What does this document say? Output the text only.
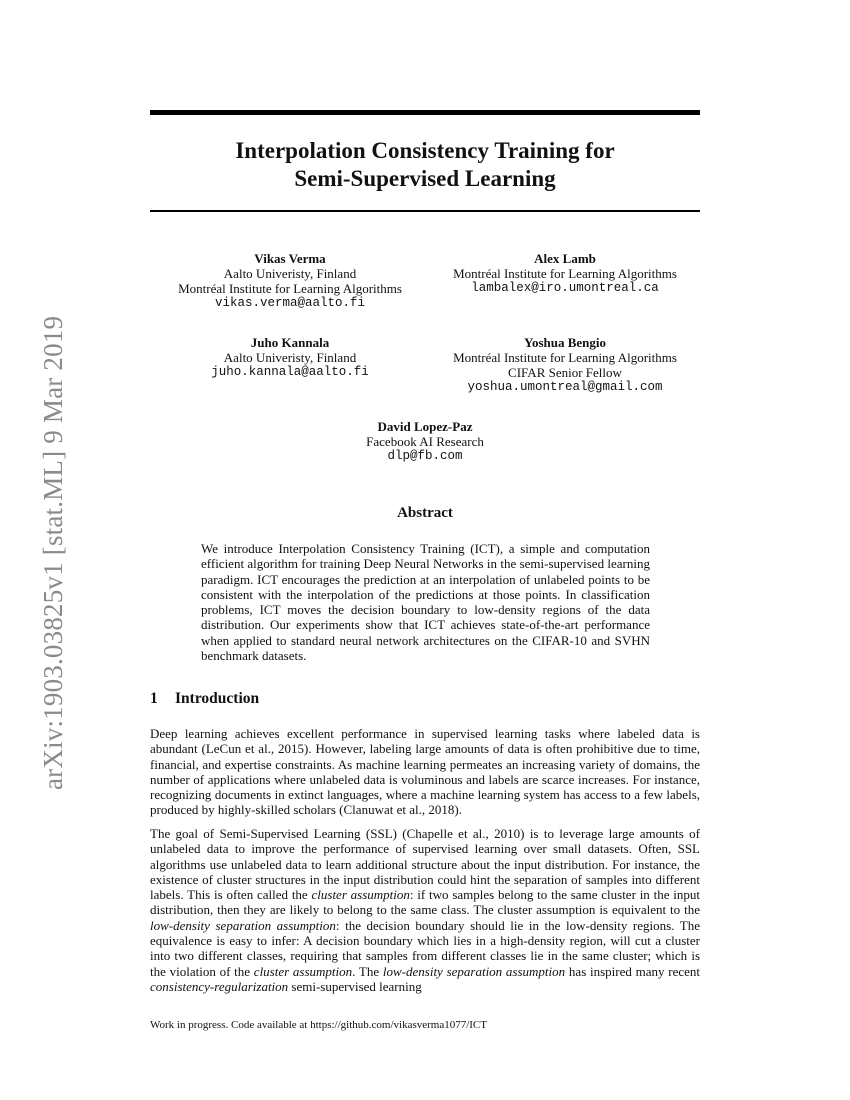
arXiv:1903.03825v1 [stat.ML] 9 Mar 2019
Interpolation Consistency Training for
Semi-Supervised Learning
Vikas Verma
Aalto Univeristy, Finland
Montréal Institute for Learning Algorithms
vikas.verma@aalto.fi
Alex Lamb
Montréal Institute for Learning Algorithms
lambalex@iro.umontreal.ca
Juho Kannala
Aalto Univeristy, Finland
juho.kannala@aalto.fi
Yoshua Bengio
Montréal Institute for Learning Algorithms
CIFAR Senior Fellow
yoshua.umontreal@gmail.com
David Lopez-Paz
Facebook AI Research
dlp@fb.com
Abstract

We introduce Interpolation Consistency Training (ICT), a simple and computation efficient algorithm for training Deep Neural Networks in the semi-supervised learning paradigm. ICT encourages the prediction at an interpolation of unlabeled points to be consistent with the interpolation of the predictions at those points. In classification problems, ICT moves the decision boundary to low-density regions of the data distribution. Our experiments show that ICT achieves state-of-the-art performance when applied to standard neural network architectures on the CIFAR-10 and SVHN benchmark datasets.

1 Introduction

Deep learning achieves excellent performance in supervised learning tasks where labeled data is abundant (LeCun et al., 2015). However, labeling large amounts of data is often prohibitive due to time, financial, and expertise constraints. As machine learning permeates an increasing variety of domains, the number of applications where unlabeled data is voluminous and labels are scarce increases. For instance, recognizing documents in extinct languages, where a machine learning system has access to a few labels, produced by highly-skilled scholars (Clanuwat et al., 2018).

The goal of Semi-Supervised Learning (SSL) (Chapelle et al., 2010) is to leverage large amounts of unlabeled data to improve the performance of supervised learning over small datasets. Often, SSL algorithms use unlabeled data to learn additional structure about the input distribution. For instance, the existence of cluster structures in the input distribution could hint the separation of samples into different labels. This is often called the cluster assumption: if two samples belong to the same cluster in the input distribution, then they are likely to belong to the same class. The cluster assumption is equivalent to the low-density separation assumption: the decision boundary should lie in the low-density regions. The equivalence is easy to infer: A decision boundary which lies in a high-density region, will cut a cluster into two different classes, requiring that samples from different classes lie in the same cluster; which is the violation of the cluster assumption. The low-density separation assumption has inspired many recent consistency-regularization semi-supervised learning

Work in progress. Code available at https://github.com/vikasverma1077/ICT
